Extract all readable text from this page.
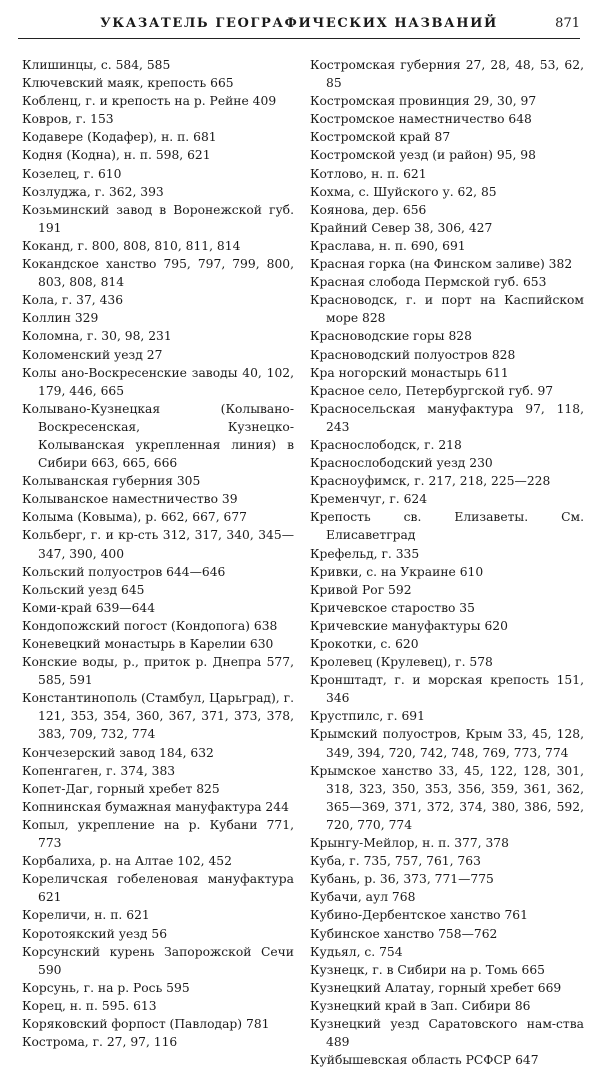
УКАЗАТЕЛЬ ГЕОГРАФИЧЕСКИХ НАЗВАНИЙ	871
Клишинцы, с. 584, 585
Ключевский маяк, крепость 665
Кобленц, г. и крепость на р. Рейне 409
Ковров, г. 153
Кодавере (Кодафер), н. п. 681
Кодня (Кодна), н. п. 598, 621
Козелец, г. 610
Козлуджа, г. 362, 393
Козьминский завод в Воронежской губ. 191
Коканд, г. 800, 808, 810, 811, 814
Кокандское ханство 795, 797, 799, 800, 803, 808, 814
Кола, г. 37, 436
Коллин 329
Коломна, г. 30, 98, 231
Коломенский уезд 27
Колы ано-Воскресенские заводы 40, 102, 179, 446, 665
Колывано-Кузнецкая (Колывано-Воскресенская, Кузнецко-Колыванская укрепленная линия) в Сибири 663, 665, 666
Колыванская губерния 305
Колыванское наместничество 39
Колыма (Ковыма), р. 662, 667, 677
Кольберг, г. и кр-сть 312, 317, 340, 345—347, 390, 400
Кольский полуостров 644—646
Кольский уезд 645
Коми-край 639—644
Кондопожский погост (Кондопога) 638
Коневецкий монастырь в Карелии 630
Конские воды, р., приток р. Днепра 577, 585, 591
Константинополь (Стамбул, Царьград), г. 121, 353, 354, 360, 367, 371, 373, 378, 383, 709, 732, 774
Кончезерский завод 184, 632
Копенгаген, г. 374, 383
Копет-Даг, горный хребет 825
Копнинская бумажная мануфактура 244
Копыл, укрепление на р. Кубани 771, 773
Корбалиха, р. на Алтае 102, 452
Кореличская гобеленовая мануфактура 621
Кореличи, н. п. 621
Коротоякский уезд 56
Корсунский курень Запорожской Сечи 590
Корсунь, г. на р. Рось 595
Корец, н. п. 595. 613
Коряковский форпост (Павлодар) 781
Кострома, г. 27, 97, 116
Костромская губерния 27, 28, 48, 53, 62, 85
Костромская провинция 29, 30, 97
Костромское наместничество 648
Костромской край 87
Костромской уезд (и район) 95, 98
Котлово, н. п. 621
Кохма, с. Шуйского у. 62, 85
Коянова, дер. 656
Крайний Север 38, 306, 427
Краслава, н. п. 690, 691
Красная горка (на Финском заливе) 382
Красная слобода Пермской губ. 653
Красноводск, г. и порт на Каспийском море 828
Красноводские горы 828
Красноводский полуостров 828
Кра ногорский монастырь 611
Красное село, Петербургской губ. 97
Красносельская мануфактура 97, 118, 243
Краснослободск, г. 218
Краснослободский уезд 230
Красноуфимск, г. 217, 218, 225—228
Кременчуг, г. 624
Крепость св. Елизаветы. См. Елисаветград
Крефельд, г. 335
Кривки, с. на Украине 610
Кривой Рог 592
Кричевское староство 35
Кричевские мануфактуры 620
Крокотки, с. 620
Кролевец (Крулевец), г. 578
Кронштадт, г. и морская крепость 151, 346
Крустпилс, г. 691
Крымский полуостров, Крым 33, 45, 128, 349, 394, 720, 742, 748, 769, 773, 774
Крымское ханство 33, 45, 122, 128, 301, 318, 323, 350, 353, 356, 359, 361, 362, 365—369, 371, 372, 374, 380, 386, 592, 720, 770, 774
Крынгу-Мейлор, н. п. 377, 378
Куба, г. 735, 757, 761, 763
Кубань, р. 36, 373, 771—775
Кубачи, аул 768
Кубино-Дербентское ханство 761
Кубинское ханство 758—762
Кудьял, с. 754
Кузнецк, г. в Сибири на р. Томь 665
Кузнецкий Алатау, горный хребет 669
Кузнецкий край в Зап. Сибири 86
Кузнецкий уезд Саратовского нам-ства 489
Куйбышевская область РСФСР 647
